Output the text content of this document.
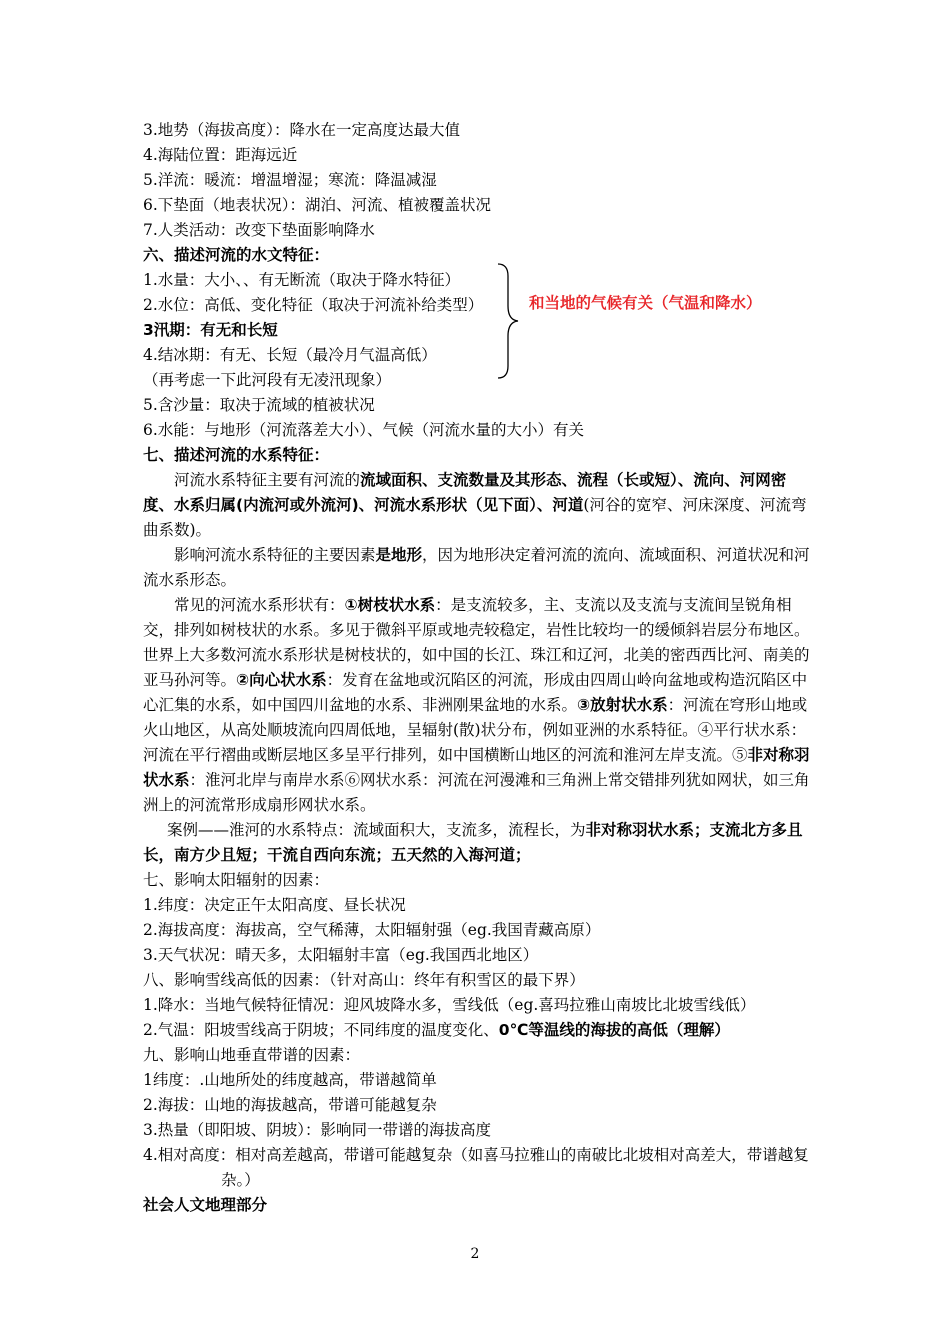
3.地势（海拔高度）：降水在一定高度达最大值
4.海陆位置：距海远近
5.洋流：暖流：增温增湿；寒流：降温减湿
6.下垫面（地表状况）：湖泊、河流、植被覆盖状况
7.人类活动：改变下垫面影响降水
六、描述河流的水文特征：
1.水量：大小、、有无断流（取决于降水特征）
2.水位：高低、变化特征（取决于河流补给类型）
3汛期：有无和长短
4.结冰期：有无、长短（最冷月气温高低）
（再考虑一下此河段有无凌汛现象）
5.含沙量：取决于流域的植被状况
6.水能：与地形（河流落差大小）、气候（河流水量的大小）有关
和当地的气候有关（气温和降水）
七、描述河流的水系特征：
河流水系特征主要有河流的流域面积、支流数量及其形态、流程（长或短）、流向、河网密度、水系归属(内流河或外流河)、河流水系形状（见下面）、河道(河谷的宽窄、河床深度、河流弯曲系数)。
影响河流水系特征的主要因素是地形，因为地形决定着河流的流向、流域面积、河道状况和河流水系形态。
常见的河流水系形状有：①树枝状水系：是支流较多，主、支流以及支流与支流间呈锐角相交，排列如树枝状的水系。多见于微斜平原或地壳较稳定，岩性比较均一的缓倾斜岩层分布地区。世界上大多数河流水系形状是树枝状的，如中国的长江、珠江和辽河，北美的密西西比河、南美的亚马孙河等。②向心状水系：发育在盆地或沉陷区的河流，形成由四周山岭向盆地或构造沉陷区中心汇集的水系，如中国四川盆地的水系、非洲刚果盆地的水系。③放射状水系：河流在穹形山地或火山地区，从高处顺坡流向四周低地，呈辐射(散)状分布，例如亚洲的水系特征。④平行状水系：河流在平行褶曲或断层地区多呈平行排列，如中国横断山地区的河流和淮河左岸支流。⑤非对称羽状水系：淮河北岸与南岸水系⑥网状水系：河流在河漫滩和三角洲上常交错排列犹如网状，如三角洲上的河流常形成扇形网状水系。
案例——淮河的水系特点：流域面积大，支流多，流程长，为非对称羽状水系；支流北方多且长，南方少且短；干流自西向东流；五天然的入海河道；
七、影响太阳辐射的因素：
1.纬度：决定正午太阳高度、昼长状况
2.海拔高度：海拔高，空气稀薄，太阳辐射强（eg.我国青藏高原）
3.天气状况：晴天多，太阳辐射丰富（eg.我国西北地区）
八、影响雪线高低的因素：（针对高山：终年有积雪区的最下界）
1.降水：当地气候特征情况：迎风坡降水多，雪线低（eg.喜玛拉雅山南坡比北坡雪线低）
2.气温：阳坡雪线高于阴坡；不同纬度的温度变化、0℃等温线的海拔的高低（理解）
九、影响山地垂直带谱的因素：
1纬度：.山地所处的纬度越高，带谱越简单
2.海拔：山地的海拔越高，带谱可能越复杂
3.热量（即阳坡、阴坡）：影响同一带谱的海拔高度
4.相对高度：相对高差越高，带谱可能越复杂（如喜马拉雅山的南破比北坡相对高差大，带谱越复杂。）
社会人文地理部分
2
